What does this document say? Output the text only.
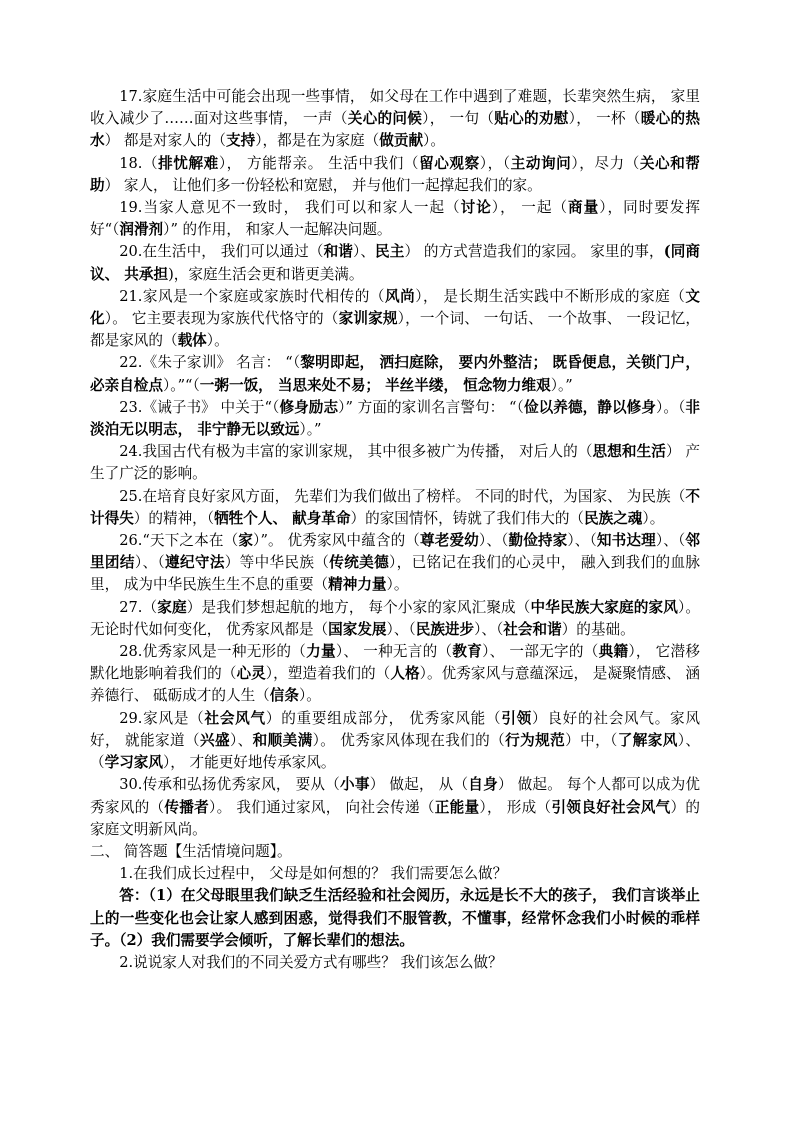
17.家庭生活中可能会出现一些事情， 如父母在工作中遇到了难题，长辈突然生病， 家里收入减少了……面对这些事情， 一声（关心的问候）， 一句（贴心的劝慰）， 一杯（暖心的热水） 都是对家人的（支持），都是在为家庭（做贡献）。

18.（排忧解难）， 方能帮亲。 生活中我们（留心观察），（主动询问），尽力（关心和帮助） 家人， 让他们多一份轻松和宽慰， 并与他们一起撑起我们的家。

19.当家人意见不一致时， 我们可以和家人一起（讨论）， 一起（商量），同时要发挥好“（润滑剂）” 的作用， 和家人一起解决问题。

20.在生活中， 我们可以通过（和谐）、民主） 的方式营造我们的家园。 家里的事，(同商议、 共承担)，家庭生活会更和谐更美满。

21.家风是一个家庭或家族时代相传的（风尚）， 是长期生活实践中不断形成的家庭（文化）。 它主要表现为家族代代恪守的（家训家规），一个词、 一句话、 一个故事、 一段记忆， 都是家风的（载体）。

22.《朱子家训》 名言： “（黎明即起， 洒扫庭除， 要内外整洁； 既昏便息，关锁门户， 必亲自检点）。”“（一粥一饭， 当思来处不易； 半丝半缕， 恒念物力维艰）。”

23.《诫子书》 中关于“（修身励志）” 方面的家训名言警句： “（俭以养德，静以修身）。（非淡泊无以明志， 非宁静无以致远）。”

24.我国古代有极为丰富的家训家规， 其中很多被广为传播， 对后人的（思想和生活） 产生了广泛的影响。

25.在培育良好家风方面， 先辈们为我们做出了榜样。 不同的时代，为国家、 为民族（不计得失）的精神，（牺牲个人、 献身革命）的家国情怀，铸就了我们伟大的（民族之魂）。

26.“天下之本在（家）”。 优秀家风中蕴含的（尊老爱幼）、（勤俭持家）、（知书达理）、（邻里团结）、（遵纪守法）等中华民族（传统美德），已铭记在我们的心灵中， 融入到我们的血脉里， 成为中华民族生生不息的重要（精神力量）。

27.（家庭）是我们梦想起航的地方， 每个小家的家风汇聚成（中华民族大家庭的家风）。 无论时代如何变化， 优秀家风都是（国家发展）、（民族进步）、（社会和谐）的基础。

28.优秀家风是一种无形的（力量）、 一种无言的（教育）、 一部无字的（典籍）， 它潜移默化地影响着我们的（心灵），塑造着我们的（人格）。优秀家风与意蕴深远， 是凝聚情感、 涵养德行、 砥砺成才的人生（信条）。

29.家风是（社会风气）的重要组成部分， 优秀家风能（引领）良好的社会风气。家风好， 就能家道（兴盛）、和顺美满）。 优秀家风体现在我们的（行为规范）中，（了解家风）、（学习家风）， 才能更好地传承家风。

30.传承和弘扬优秀家风， 要从（小事） 做起， 从（自身） 做起。 每个人都可以成为优秀家风的（传播者）。 我们通过家风， 向社会传递（正能量）， 形成（引领良好社会风气）的家庭文明新风尚。

二、 简答题【生活情境问题】。

1.在我们成长过程中， 父母是如何想的？ 我们需要怎么做？

答：（1）在父母眼里我们缺乏生活经验和社会阅历，永远是长不大的孩子， 我们言谈举止上的一些变化也会让家人感到困惑，觉得我们不服管教，不懂事，经常怀念我们小时候的乖样子。（2）我们需要学会倾听，了解长辈们的想法。

2.说说家人对我们的不同关爱方式有哪些？ 我们该怎么做？
